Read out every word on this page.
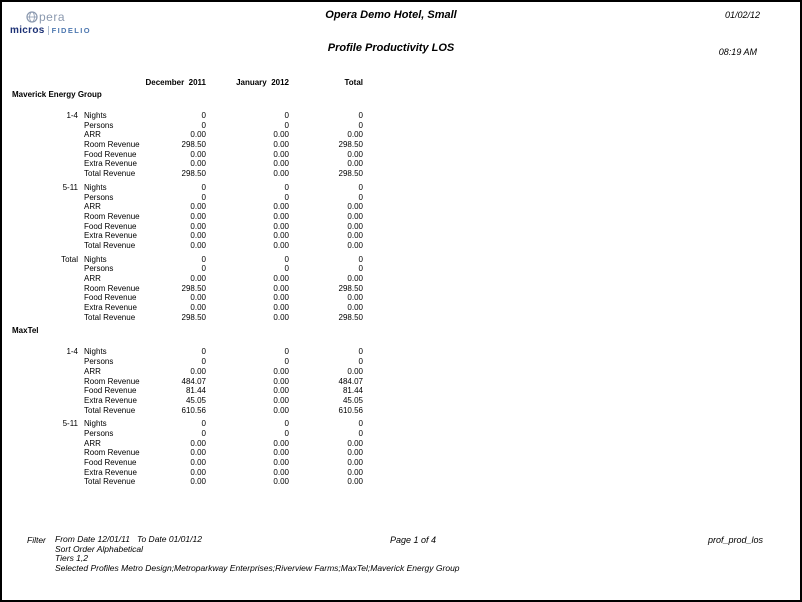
pera
micros FIDELIO
Opera Demo Hotel, Small	01/02/12
Profile Productivity LOS	08:19 AM
December  2011	January  2012	Total
Maverick Energy Group
1-4 Nights	0	0	0
Persons	0	0	0
ARR	0.00	0.00	0.00
Room Revenue	298.50	0.00	298.50
Food Revenue	0.00	0.00	0.00
Extra Revenue	0.00	0.00	0.00
Total Revenue	298.50	0.00	298.50
5-11 Nights	0	0	0
Persons	0	0	0
ARR	0.00	0.00	0.00
Room Revenue	0.00	0.00	0.00
Food Revenue	0.00	0.00	0.00
Extra Revenue	0.00	0.00	0.00
Total Revenue	0.00	0.00	0.00
Total Nights	0	0	0
Persons	0	0	0
ARR	0.00	0.00	0.00
Room Revenue	298.50	0.00	298.50
Food Revenue	0.00	0.00	0.00
Extra Revenue	0.00	0.00	0.00
Total Revenue	298.50	0.00	298.50
MaxTel
1-4 Nights	0	0	0
Persons	0	0	0
ARR	0.00	0.00	0.00
Room Revenue	484.07	0.00	484.07
Food Revenue	81.44	0.00	81.44
Extra Revenue	45.05	0.00	45.05
Total Revenue	610.56	0.00	610.56
5-11 Nights	0	0	0
Persons	0	0	0
ARR	0.00	0.00	0.00
Room Revenue	0.00	0.00	0.00
Food Revenue	0.00	0.00	0.00
Extra Revenue	0.00	0.00	0.00
Total Revenue	0.00	0.00	0.00
Filter From Date 12/01/11   To Date 01/01/12
Sort Order Alphabetical
Tiers 1,2
Selected Profiles Metro Design;Metroparkway Enterprises;Riverview Farms;MaxTel;Maverick Energy Group
Page 1 of 4	prof_prod_los
